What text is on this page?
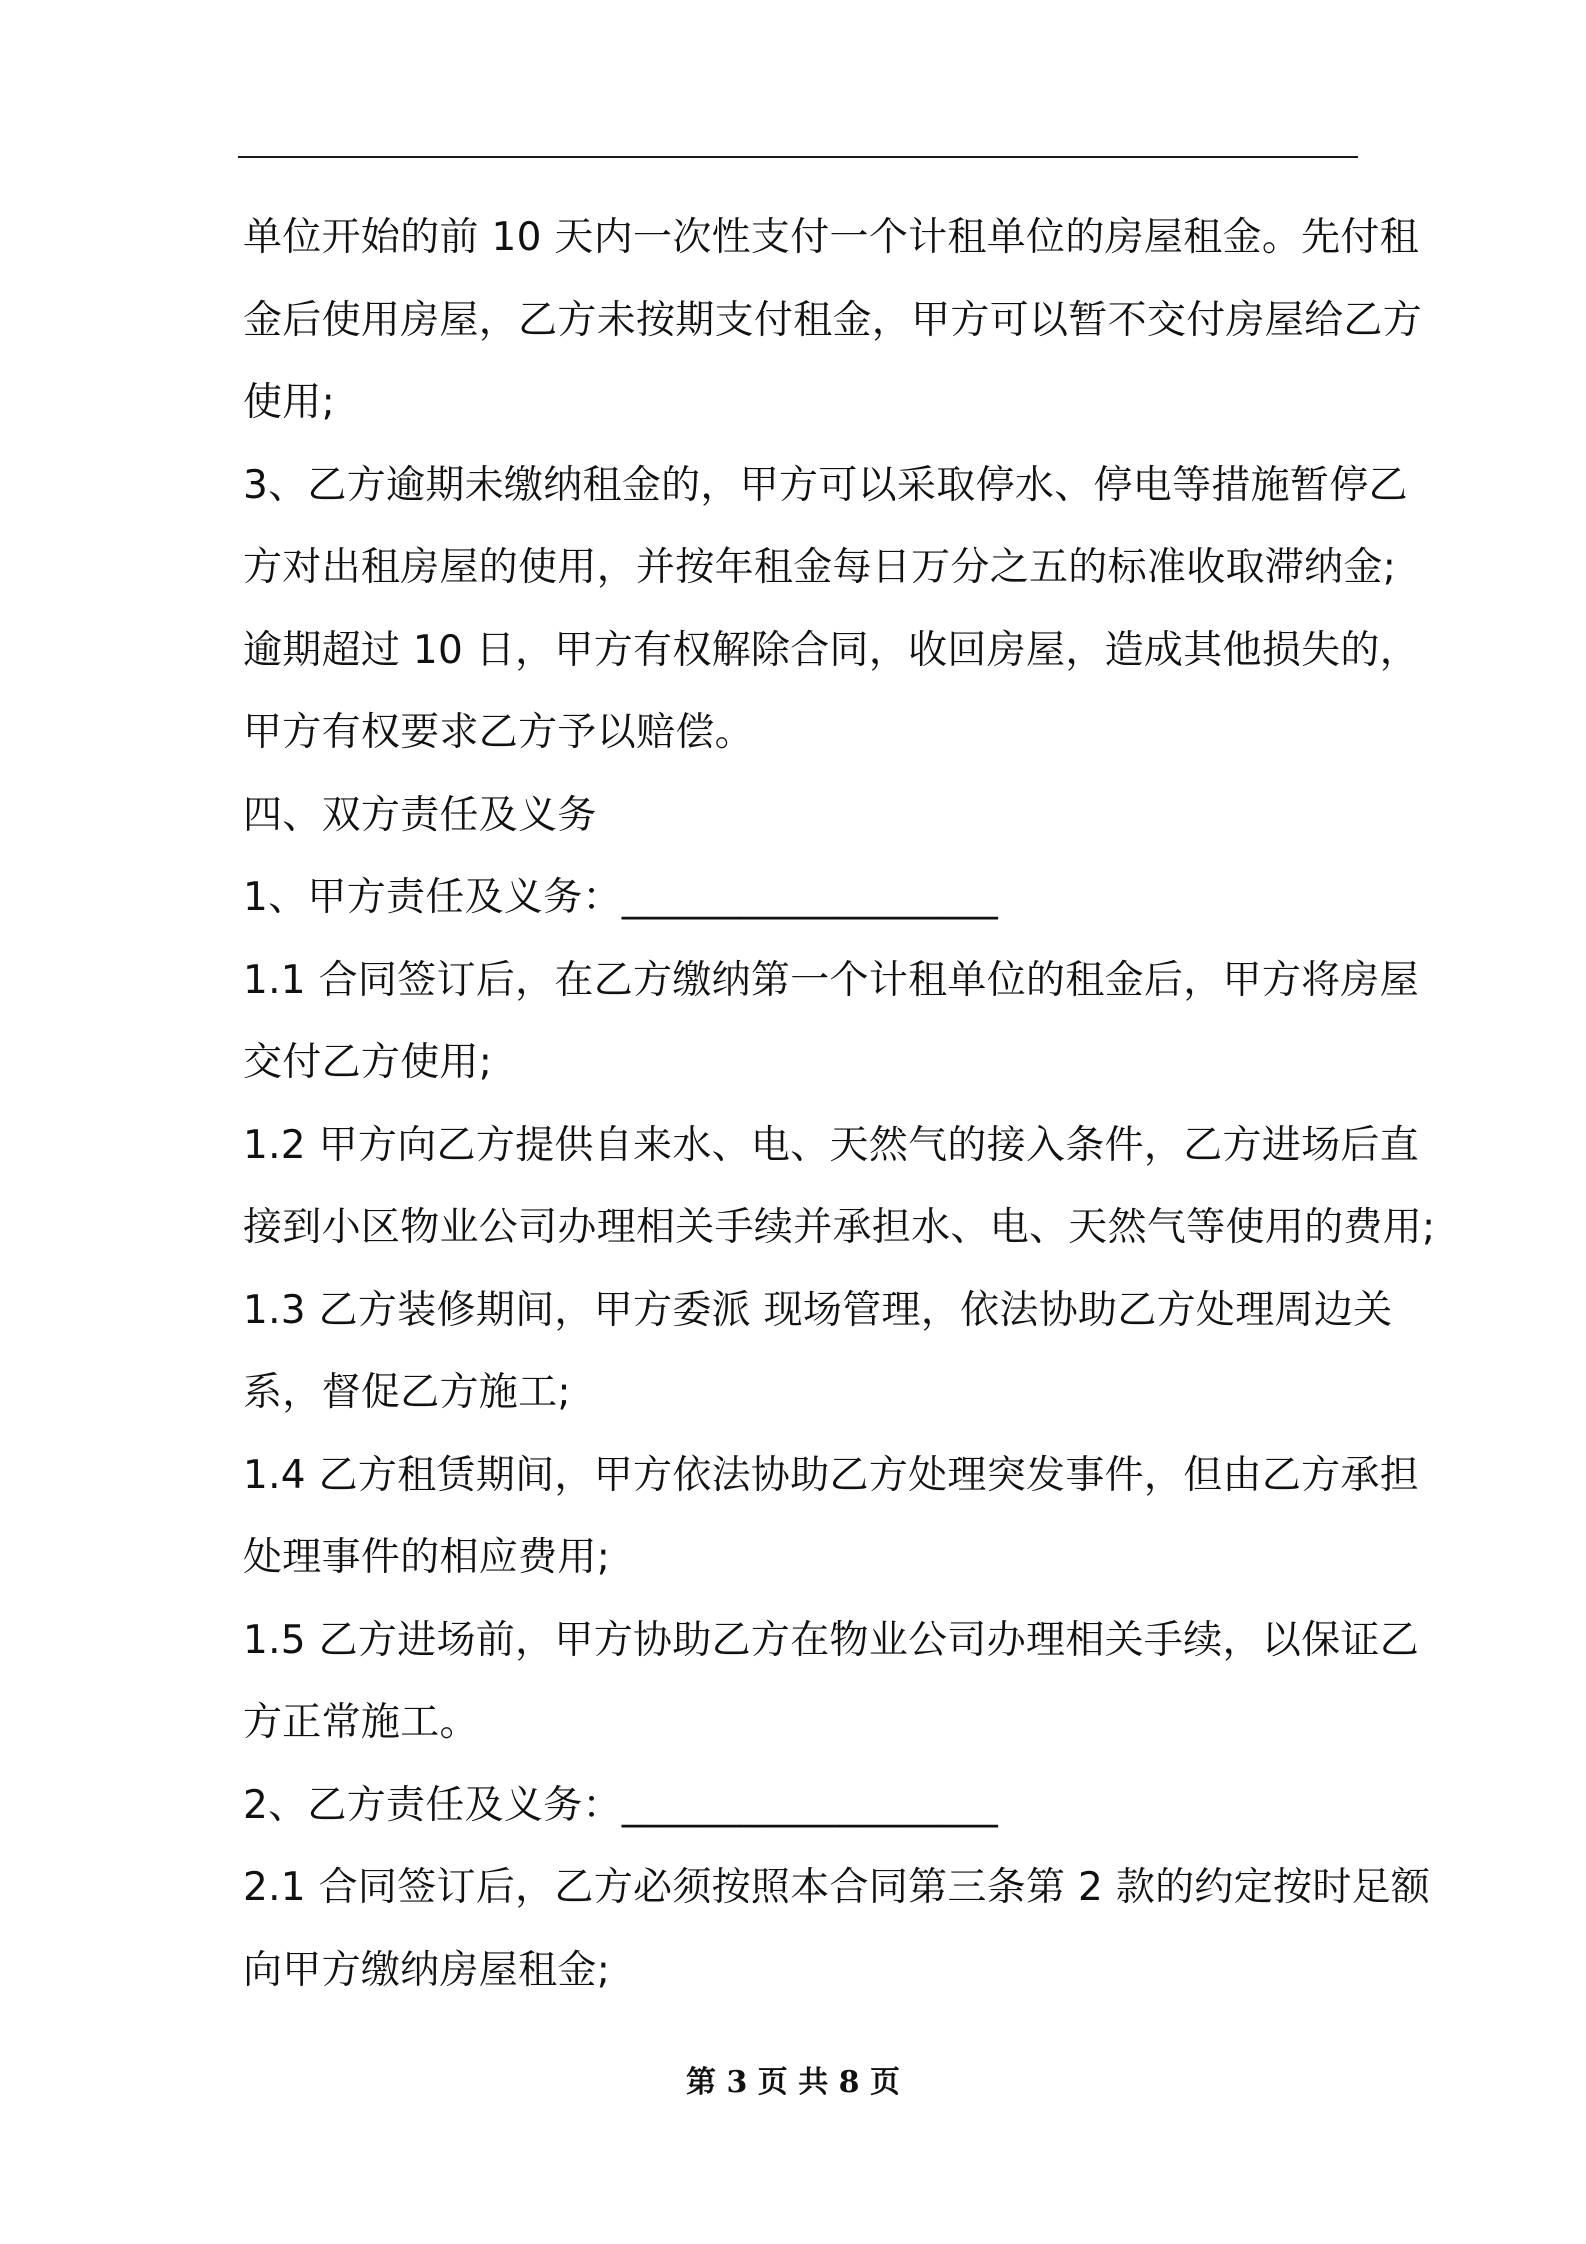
单位开始的前 10 天内一次性支付一个计租单位的房屋租金。先付租
金后使用房屋，乙方未按期支付租金，甲方可以暂不交付房屋给乙方
使用;
3、乙方逾期未缴纳租金的，甲方可以采取停水、停电等措施暂停乙
方对出租房屋的使用，并按年租金每日万分之五的标准收取滞纳金;
逾期超过 10 日，甲方有权解除合同，收回房屋，造成其他损失的，
甲方有权要求乙方予以赔偿。
四、双方责任及义务
1、甲方责任及义务：___________________
1.1 合同签订后，在乙方缴纳第一个计租单位的租金后，甲方将房屋
交付乙方使用;
1.2 甲方向乙方提供自来水、电、天然气的接入条件，乙方进场后直
接到小区物业公司办理相关手续并承担水、电、天然气等使用的费用;
1.3 乙方装修期间，甲方委派 现场管理，依法协助乙方处理周边关
系，督促乙方施工;
1.4 乙方租赁期间，甲方依法协助乙方处理突发事件，但由乙方承担
处理事件的相应费用;
1.5 乙方进场前，甲方协助乙方在物业公司办理相关手续，以保证乙
方正常施工。
2、乙方责任及义务：___________________
2.1 合同签订后，乙方必须按照本合同第三条第 2 款的约定按时足额
向甲方缴纳房屋租金;
第 3 页 共 8 页
